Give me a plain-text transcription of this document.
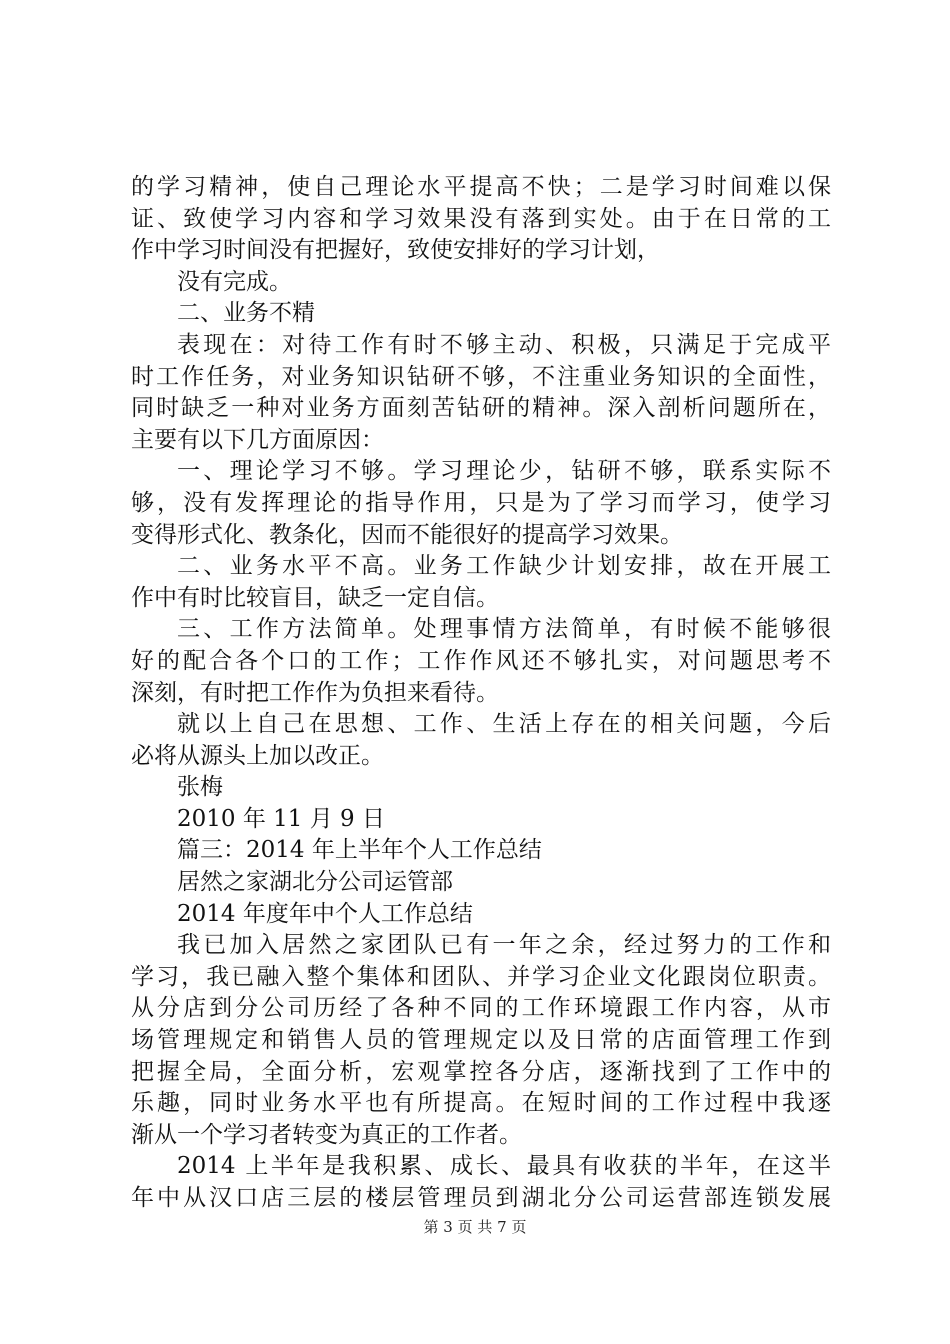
的学习精神，使自己理论水平提高不快；二是学习时间难以保
证、致使学习内容和学习效果没有落到实处。由于在日常的工
作中学习时间没有把握好，致使安排好的学习计划，
没有完成。
二、业务不精
表现在：对待工作有时不够主动、积极，只满足于完成平
时工作任务，对业务知识钻研不够，不注重业务知识的全面性，
同时缺乏一种对业务方面刻苦钻研的精神。深入剖析问题所在，
主要有以下几方面原因：
一、理论学习不够。学习理论少，钻研不够，联系实际不
够，没有发挥理论的指导作用，只是为了学习而学习，使学习
变得形式化、教条化，因而不能很好的提高学习效果。
二、业务水平不高。业务工作缺少计划安排，故在开展工
作中有时比较盲目，缺乏一定自信。
三、工作方法简单。处理事情方法简单，有时候不能够很
好的配合各个口的工作；工作作风还不够扎实，对问题思考不
深刻，有时把工作作为负担来看待。
就以上自己在思想、工作、生活上存在的相关问题，今后
必将从源头上加以改正。
张梅
2010 年 11 月 9 日
篇三：2014 年上半年个人工作总结
居然之家湖北分公司运管部
2014 年度年中个人工作总结
我已加入居然之家团队已有一年之余，经过努力的工作和
学习，我已融入整个集体和团队、并学习企业文化跟岗位职责。
从分店到分公司历经了各种不同的工作环境跟工作内容，从市
场管理规定和销售人员的管理规定以及日常的店面管理工作到
把握全局，全面分析，宏观掌控各分店，逐渐找到了工作中的
乐趣，同时业务水平也有所提高。在短时间的工作过程中我逐
渐从一个学习者转变为真正的工作者。
2014 上半年是我积累、成长、最具有收获的半年，在这半
年中从汉口店三层的楼层管理员到湖北分公司运营部连锁发展
第 3 页 共 7 页
